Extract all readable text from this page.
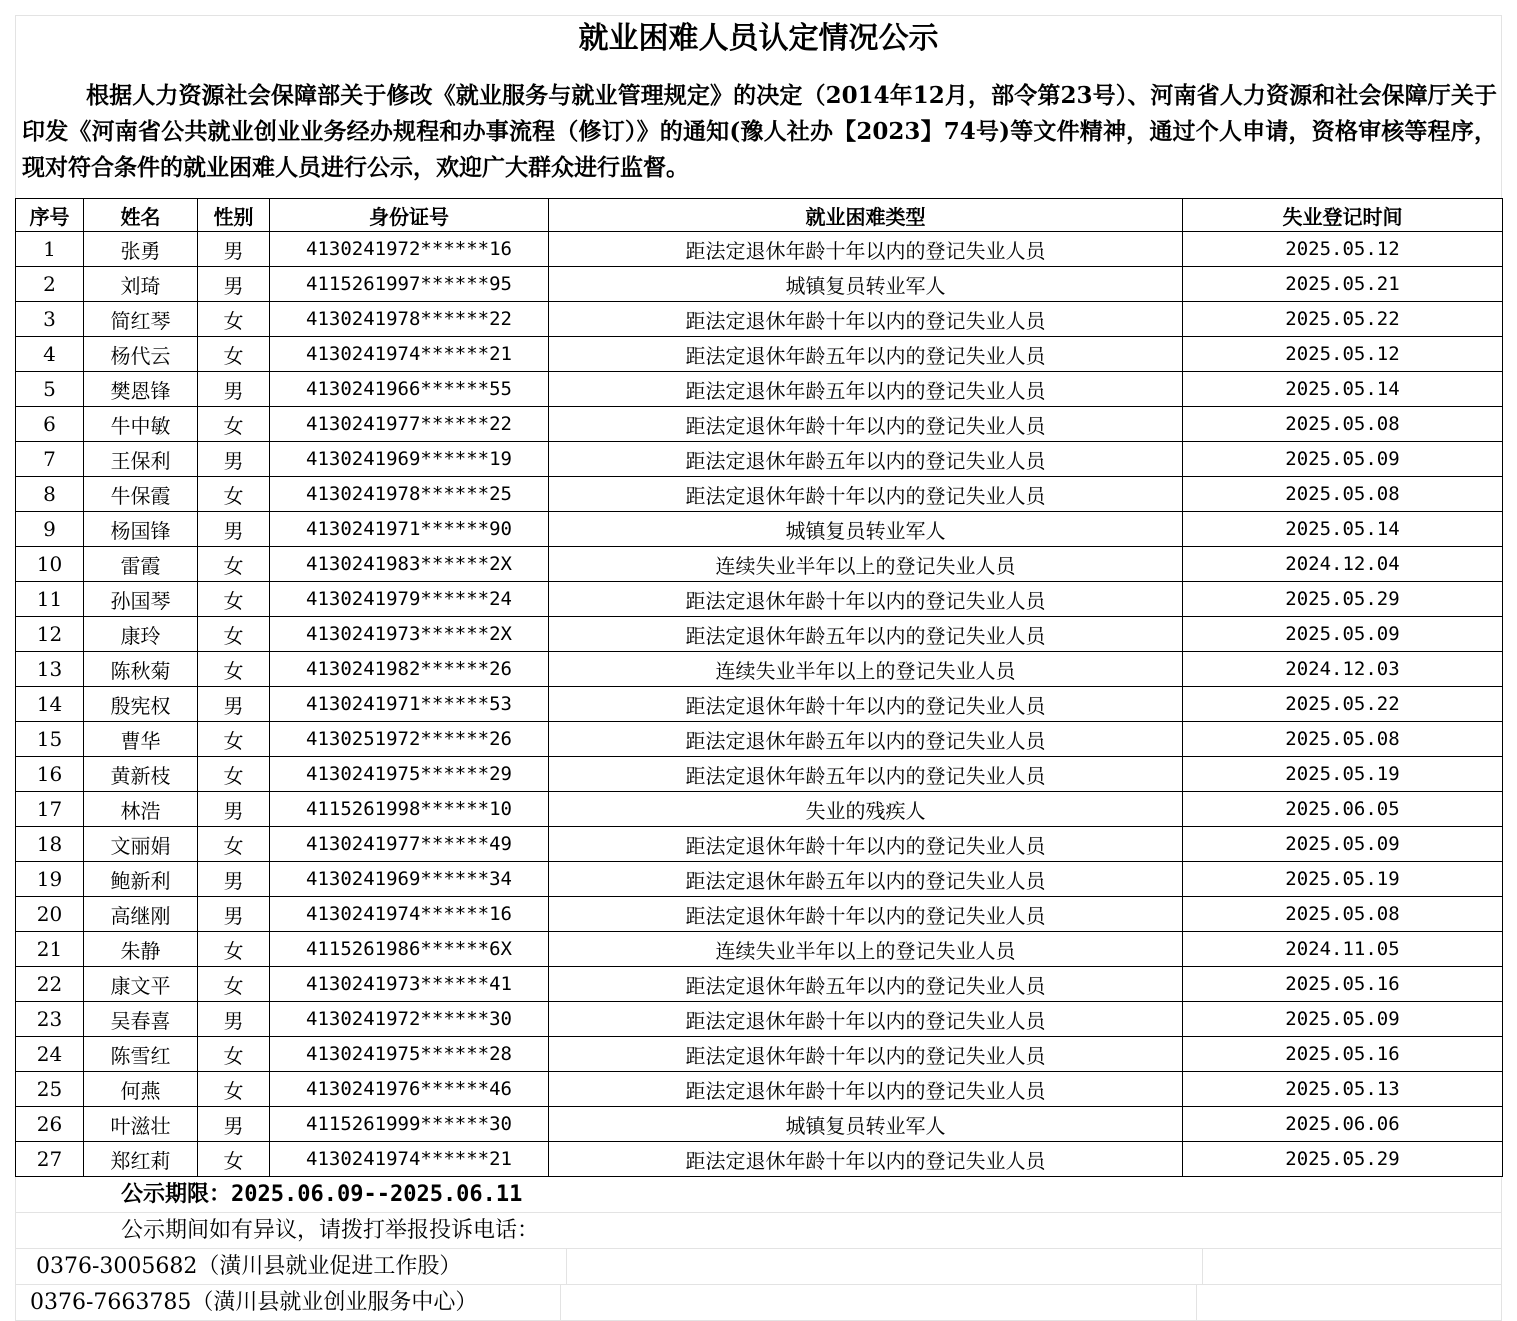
就业困难人员认定情况公示
根据人力资源社会保障部关于修改《就业服务与就业管理规定》的决定（2014年12月，部令第23号）、河南省人力资源和社会保障厅关于印发《河南省公共就业创业业务经办规程和办事流程（修订）》的通知(豫人社办【2023】74号)等文件精神，通过个人申请，资格审核等程序，现对符合条件的就业困难人员进行公示，欢迎广大群众进行监督。
序号	姓名	性别	身份证号	就业困难类型	失业登记时间
1	张勇	男	4130241972******16	距法定退休年龄十年以内的登记失业人员	2025.05.12
2	刘琦	男	4115261997******95	城镇复员转业军人	2025.05.21
3	简红琴	女	4130241978******22	距法定退休年龄十年以内的登记失业人员	2025.05.22
4	杨代云	女	4130241974******21	距法定退休年龄五年以内的登记失业人员	2025.05.12
5	樊恩锋	男	4130241966******55	距法定退休年龄五年以内的登记失业人员	2025.05.14
6	牛中敏	女	4130241977******22	距法定退休年龄十年以内的登记失业人员	2025.05.08
7	王保利	男	4130241969******19	距法定退休年龄五年以内的登记失业人员	2025.05.09
8	牛保霞	女	4130241978******25	距法定退休年龄十年以内的登记失业人员	2025.05.08
9	杨国锋	男	4130241971******90	城镇复员转业军人	2025.05.14
10	雷霞	女	4130241983******2X	连续失业半年以上的登记失业人员	2024.12.04
11	孙国琴	女	4130241979******24	距法定退休年龄十年以内的登记失业人员	2025.05.29
12	康玲	女	4130241973******2X	距法定退休年龄五年以内的登记失业人员	2025.05.09
13	陈秋菊	女	4130241982******26	连续失业半年以上的登记失业人员	2024.12.03
14	殷宪权	男	4130241971******53	距法定退休年龄十年以内的登记失业人员	2025.05.22
15	曹华	女	4130251972******26	距法定退休年龄五年以内的登记失业人员	2025.05.08
16	黄新枝	女	4130241975******29	距法定退休年龄五年以内的登记失业人员	2025.05.19
17	林浩	男	4115261998******10	失业的残疾人	2025.06.05
18	文丽娟	女	4130241977******49	距法定退休年龄十年以内的登记失业人员	2025.05.09
19	鲍新利	男	4130241969******34	距法定退休年龄五年以内的登记失业人员	2025.05.19
20	高继刚	男	4130241974******16	距法定退休年龄十年以内的登记失业人员	2025.05.08
21	朱静	女	4115261986******6X	连续失业半年以上的登记失业人员	2024.11.05
22	康文平	女	4130241973******41	距法定退休年龄五年以内的登记失业人员	2025.05.16
23	吴春喜	男	4130241972******30	距法定退休年龄十年以内的登记失业人员	2025.05.09
24	陈雪红	女	4130241975******28	距法定退休年龄十年以内的登记失业人员	2025.05.16
25	何燕	女	4130241976******46	距法定退休年龄十年以内的登记失业人员	2025.05.13
26	叶滋壮	男	4115261999******30	城镇复员转业军人	2025.06.06
27	郑红莉	女	4130241974******21	距法定退休年龄十年以内的登记失业人员	2025.05.29
公示期限：2025.06.09--2025.06.11
公示期间如有异议，请拨打举报投诉电话：
0376-3005682（潢川县就业促进工作股）
0376-7663785（潢川县就业创业服务中心）
